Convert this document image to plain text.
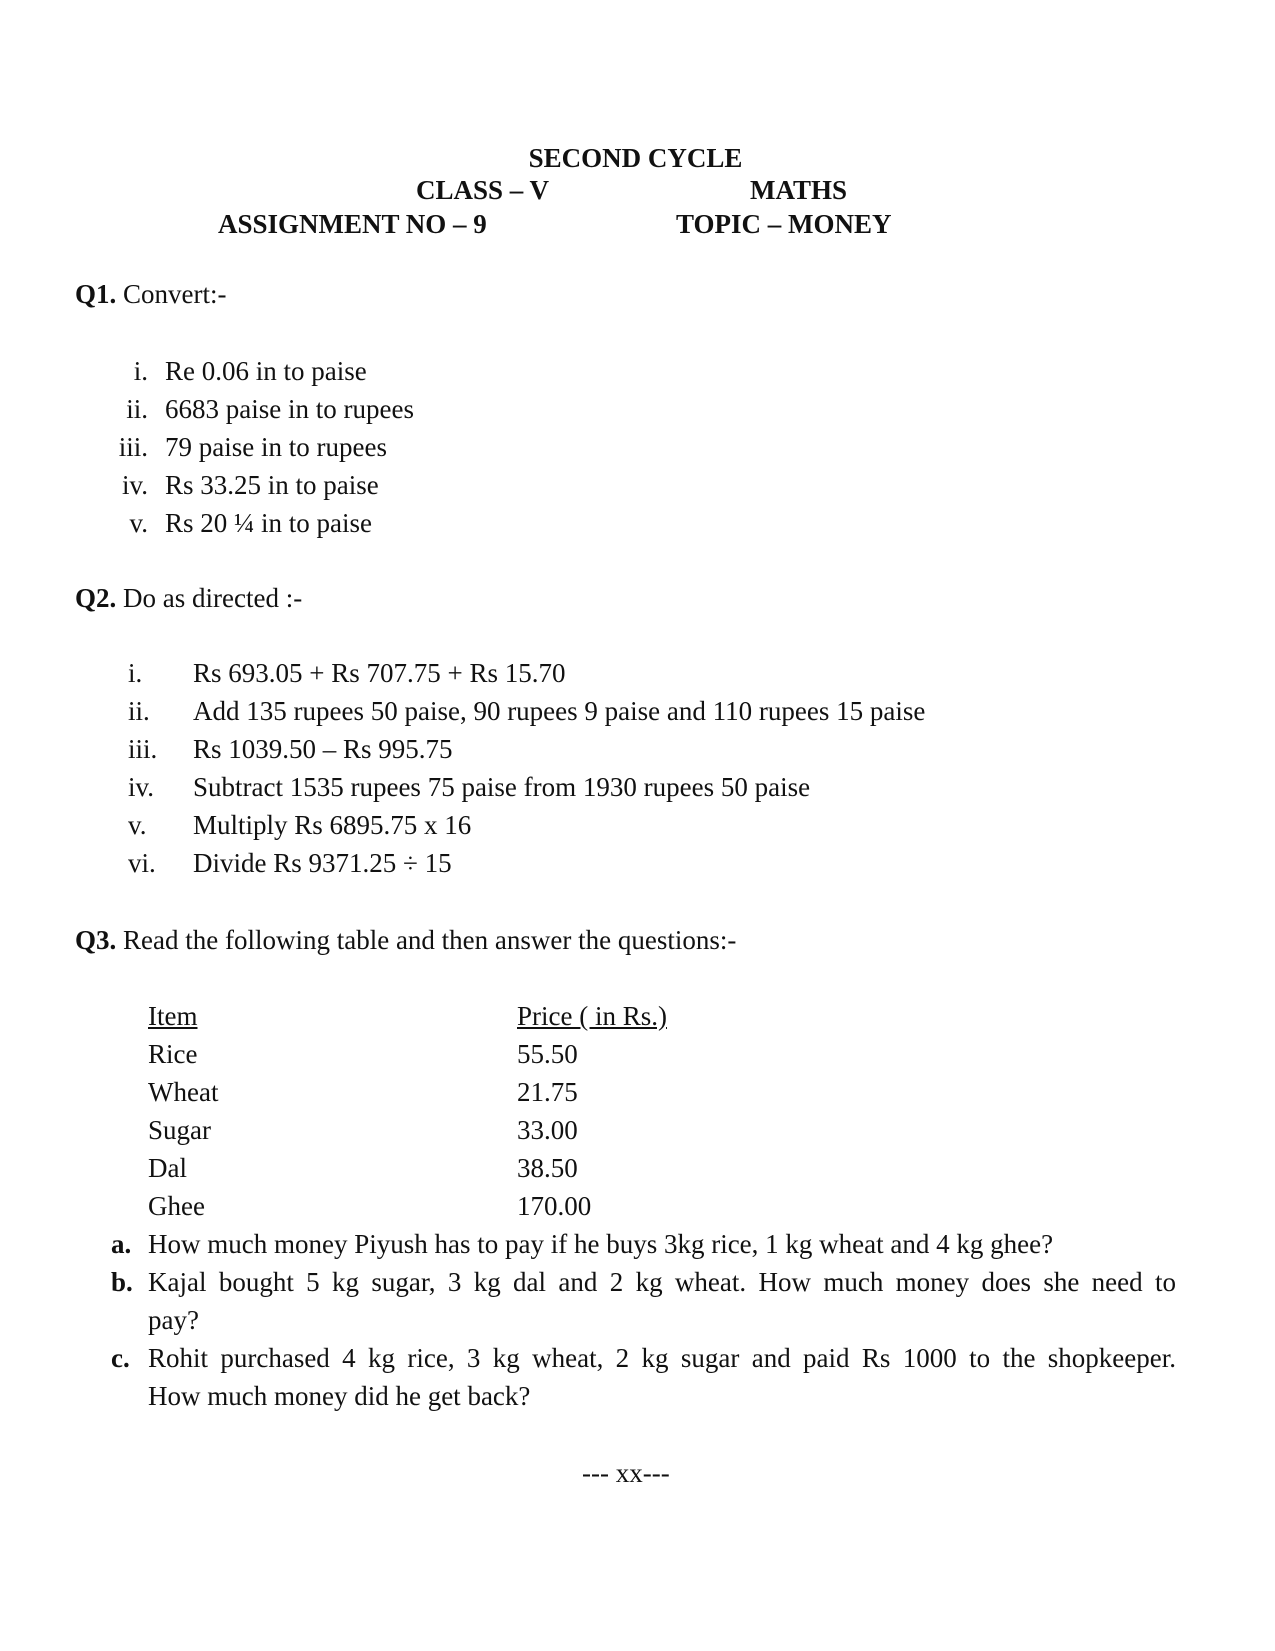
SECOND CYCLE
CLASS – V	MATHS
ASSIGNMENT NO – 9	TOPIC – MONEY
Q1. Convert:-
i. Re 0.06 in to paise
ii. 6683 paise in to rupees
iii. 79 paise in to rupees
iv. Rs 33.25 in to paise
v. Rs 20 ¼ in to paise
Q2. Do as directed :-
i. Rs 693.05 + Rs 707.75 + Rs 15.70
ii. Add 135 rupees 50 paise, 90 rupees 9 paise and 110 rupees 15 paise
iii. Rs 1039.50 – Rs 995.75
iv. Subtract 1535 rupees 75 paise from 1930 rupees 50 paise
v. Multiply Rs 6895.75 x 16
vi. Divide Rs 9371.25 ÷ 15
Q3. Read the following table and then answer the questions:-
Item	Price ( in Rs.)
Rice	55.50
Wheat	21.75
Sugar	33.00
Dal	38.50
Ghee	170.00
a. How much money Piyush has to pay if he buys 3kg rice, 1 kg wheat and 4 kg ghee?
b. Kajal bought 5 kg sugar, 3 kg dal and 2 kg wheat. How much money does she need to
pay?
c. Rohit purchased 4 kg rice, 3 kg wheat, 2 kg sugar and paid Rs 1000 to the shopkeeper.
How much money did he get back?
--- xx---
